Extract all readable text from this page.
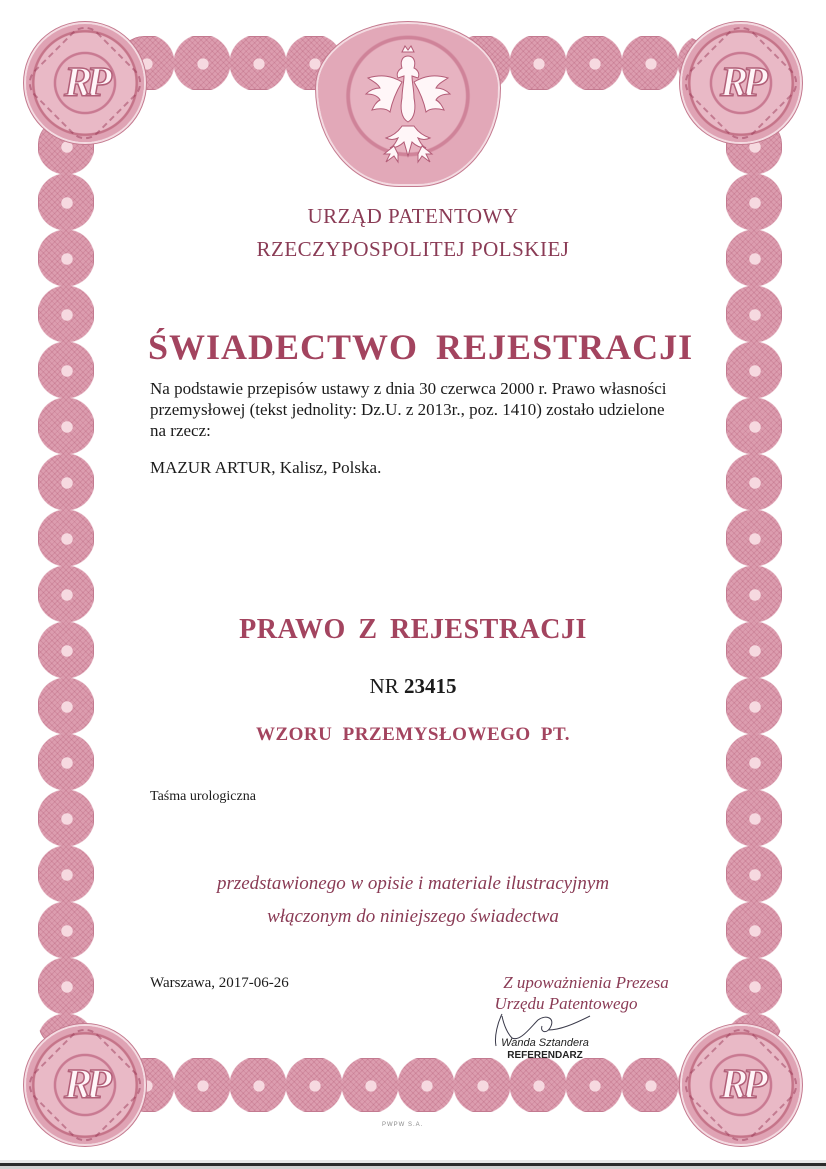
RP	RP
RP	RP
URZĄD PATENTOWY
RZECZYPOSPOLITEJ POLSKIEJ
ŚWIADECTWO REJESTRACJI
Na podstawie przepisów ustawy z dnia 30 czerwca 2000 r. Prawo własności przemysłowej (tekst jednolity: Dz.U. z 2013r., poz. 1410) zostało udzielone na rzecz:
MAZUR ARTUR, Kalisz, Polska.
PRAWO Z REJESTRACJI
NR 23415
WZORU PRZEMYSŁOWEGO PT.
Taśma urologiczna
przedstawionego w opisie i materiale ilustracyjnym
włączonym do niniejszego świadectwa
Warszawa, 2017-06-26	Z upoważnienia Prezesa
Urzędu Patentowego
Wanda Sztandera
REFERENDARZ
PWPW S.A.
